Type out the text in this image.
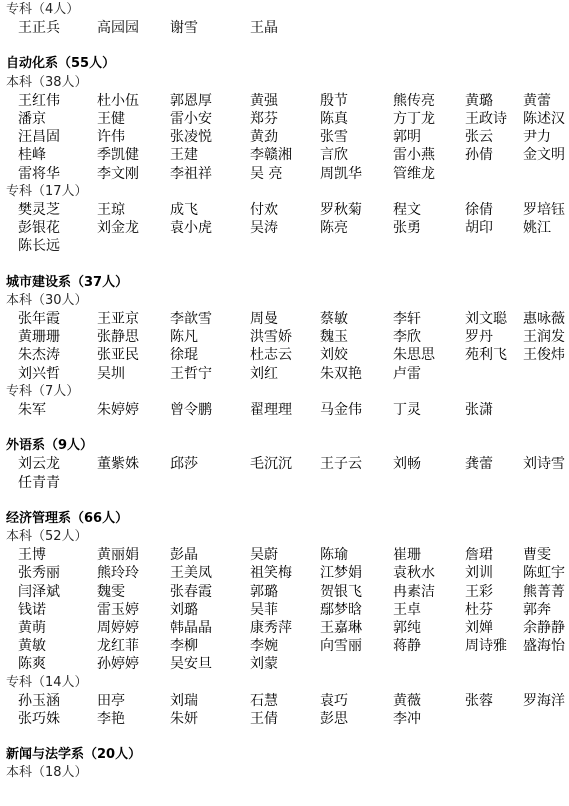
专科（4人）
王正兵	高园园 谢雪	王晶
自动化系（55人）
本科（38人）
王红伟	杜小伍 郭恩厚	黄强	殷节	熊传亮 黄璐 黄蕾
潘京	王健	雷小安	郑芬	陈真	方丁龙 王政诗 陈述汉
汪昌固	许伟	张凌悦	黄劲	张雪	郭明	张云 尹力
桂峰	季凯健 王建	李赣湘 言欣	雷小燕 孙倩 金文明
雷将华	李文刚 李祖祥	吴 亮	周凯华 管维龙
专科（17人）
樊灵芝	王琼	成飞	付欢	罗秋菊 程文	徐倩 罗培钰
彭银花	刘金龙 袁小虎	吴涛	陈亮	张勇	胡印 姚江
陈长远
城市建设系（37人）
本科（30人）
张年霞	王亚京 李歆雪	周曼	蔡敏	李轩	刘文聪 惠咏薇
黄珊珊	张静思 陈凡	洪雪娇 魏玉	李欣	罗丹 王润发
朱杰涛	张亚民 徐琨	杜志云 刘姣	朱思思 苑利飞 王俊炜
刘兴哲	吴圳	王哲宁	刘红	朱双艳 卢雷
专科（7人）
朱军	朱婷婷 曾令鹏	翟理理 马金伟 丁灵	张潇
外语系（9人）
刘云龙	董紫姝 邱莎	毛沉沉 王子云 刘畅	龚蕾 刘诗雪
任青青
经济管理系（66人）
本科（52人）
王博	黄丽娟 彭晶	吴蔚	陈瑜	崔珊	詹珺 曹雯
张秀丽	熊玲玲 王美凤	祖笑梅 江梦娟 袁秋水 刘训 陈虹宇
闫泽斌	魏雯	张春霞	郭璐	贺银飞 冉素洁 王彩 熊菁菁
钱诺	雷玉婷 刘璐	吴菲	鄢梦晗 王卓	杜芬 郭奔
黄萌	周婷婷 韩晶晶	康秀萍 王嘉琳 郭纯	刘婵 余静静
黄敏	龙红菲 李柳	李婉	向雪丽 蒋静	周诗雅 盛海怡
陈爽	孙婷婷 吴安旦	刘蒙
专科（14人）
孙玉涵	田亭	刘瑞	石慧	袁巧	黄薇	张蓉 罗海洋
张巧姝	李艳	朱妍	王倩	彭思	李冲
新闻与法学系（20人）
本科（18人）
